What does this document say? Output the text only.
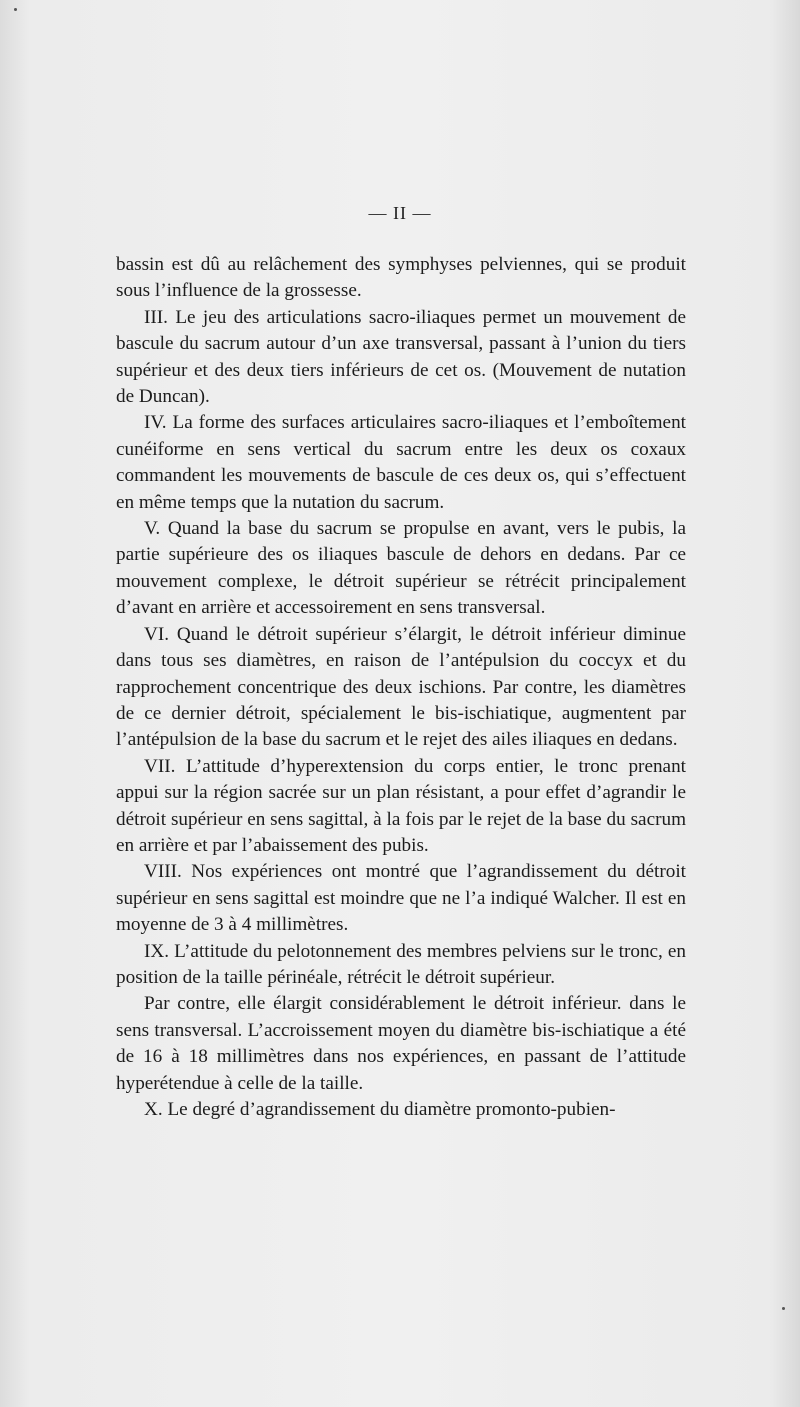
— II —

bassin est dû au relâchement des symphyses pelviennes, qui se produit sous l’influence de la grossesse.

III. Le jeu des articulations sacro-iliaques permet un mouvement de bascule du sacrum autour d’un axe transversal, passant à l’union du tiers supérieur et des deux tiers inférieurs de cet os. (Mouvement de nutation de Duncan).

IV. La forme des surfaces articulaires sacro-iliaques et l’emboîtement cunéiforme en sens vertical du sacrum entre les deux os coxaux commandent les mouvements de bascule de ces deux os, qui s’effectuent en même temps que la nutation du sacrum.

V. Quand la base du sacrum se propulse en avant, vers le pubis, la partie supérieure des os iliaques bascule de dehors en dedans. Par ce mouvement complexe, le détroit supérieur se rétrécit principalement d’avant en arrière et accessoirement en sens transversal.

VI. Quand le détroit supérieur s’élargit, le détroit inférieur diminue dans tous ses diamètres, en raison de l’antépulsion du coccyx et du rapprochement concentrique des deux ischions. Par contre, les diamètres de ce dernier détroit, spécialement le bis-ischiatique, augmentent par l’antépulsion de la base du sacrum et le rejet des ailes iliaques en dedans.

VII. L’attitude d’hyperextension du corps entier, le tronc prenant appui sur la région sacrée sur un plan résistant, a pour effet d’agrandir le détroit supérieur en sens sagittal, à la fois par le rejet de la base du sacrum en arrière et par l’abaissement des pubis.

VIII. Nos expériences ont montré que l’agrandissement du détroit supérieur en sens sagittal est moindre que ne l’a indiqué Walcher. Il est en moyenne de 3 à 4 millimètres.

IX. L’attitude du pelotonnement des membres pelviens sur le tronc, en position de la taille périnéale, rétrécit le détroit supérieur.

Par contre, elle élargit considérablement le détroit inférieur. dans le sens transversal. L’accroissement moyen du diamètre bis-ischiatique a été de 16 à 18 millimètres dans nos expériences, en passant de l’attitude hyperétendue à celle de la taille.

X. Le degré d’agrandissement du diamètre promonto-pubien-
